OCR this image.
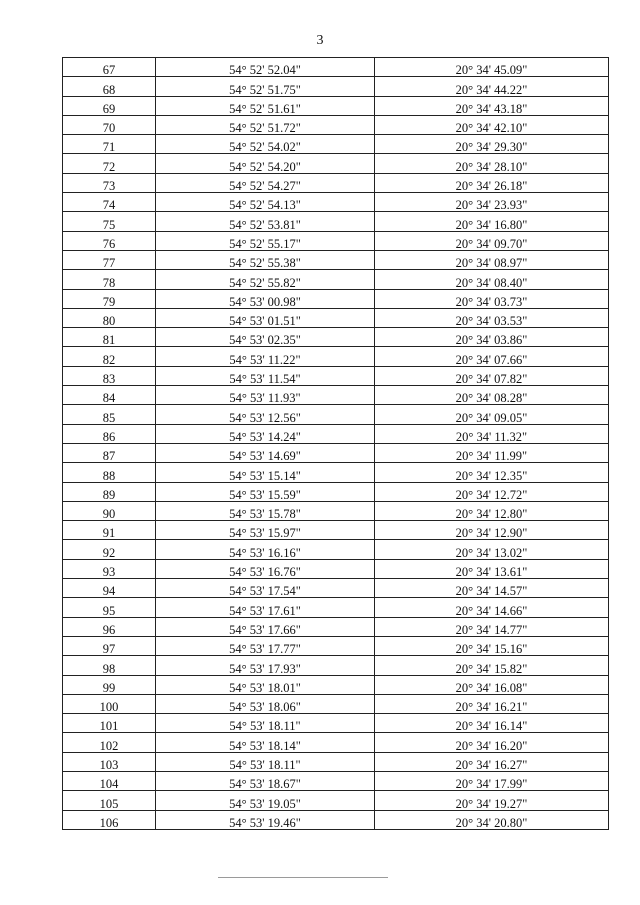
3
67	54° 52' 52.04"	20° 34' 45.09"
68	54° 52' 51.75"	20° 34' 44.22"
69	54° 52' 51.61"	20° 34' 43.18"
70	54° 52' 51.72"	20° 34' 42.10"
71	54° 52' 54.02"	20° 34' 29.30"
72	54° 52' 54.20"	20° 34' 28.10"
73	54° 52' 54.27"	20° 34' 26.18"
74	54° 52' 54.13"	20° 34' 23.93"
75	54° 52' 53.81"	20° 34' 16.80"
76	54° 52' 55.17"	20° 34' 09.70"
77	54° 52' 55.38"	20° 34' 08.97"
78	54° 52' 55.82"	20° 34' 08.40"
79	54° 53' 00.98"	20° 34' 03.73"
80	54° 53' 01.51"	20° 34' 03.53"
81	54° 53' 02.35"	20° 34' 03.86"
82	54° 53' 11.22"	20° 34' 07.66"
83	54° 53' 11.54"	20° 34' 07.82"
84	54° 53' 11.93"	20° 34' 08.28"
85	54° 53' 12.56"	20° 34' 09.05"
86	54° 53' 14.24"	20° 34' 11.32"
87	54° 53' 14.69"	20° 34' 11.99"
88	54° 53' 15.14"	20° 34' 12.35"
89	54° 53' 15.59"	20° 34' 12.72"
90	54° 53' 15.78"	20° 34' 12.80"
91	54° 53' 15.97"	20° 34' 12.90"
92	54° 53' 16.16"	20° 34' 13.02"
93	54° 53' 16.76"	20° 34' 13.61"
94	54° 53' 17.54"	20° 34' 14.57"
95	54° 53' 17.61"	20° 34' 14.66"
96	54° 53' 17.66"	20° 34' 14.77"
97	54° 53' 17.77"	20° 34' 15.16"
98	54° 53' 17.93"	20° 34' 15.82"
99	54° 53' 18.01"	20° 34' 16.08"
100	54° 53' 18.06"	20° 34' 16.21"
101	54° 53' 18.11"	20° 34' 16.14"
102	54° 53' 18.14"	20° 34' 16.20"
103	54° 53' 18.11"	20° 34' 16.27"
104	54° 53' 18.67"	20° 34' 17.99"
105	54° 53' 19.05"	20° 34' 19.27"
106	54° 53' 19.46"	20° 34' 20.80"
